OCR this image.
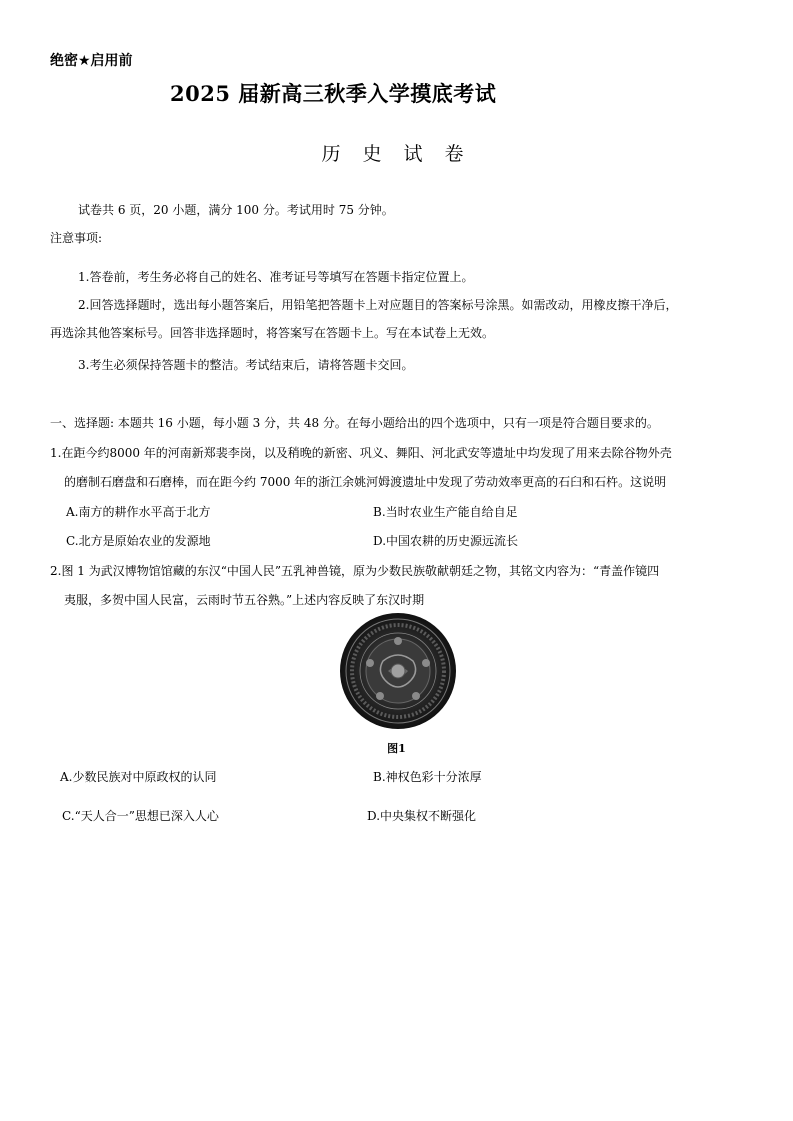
绝密★启用前
2025 届新高三秋季入学摸底考试
历 史 试 卷
试卷共 6 页，20 小题，满分 100 分。考试用时 75 分钟。
注意事项:
1.答卷前，考生务必将自己的姓名、准考证号等填写在答题卡指定位置上。
2.回答选择题时，选出每小题答案后，用铅笔把答题卡上对应题目的答案标号涂黑。如需改动，用橡皮擦干净后，
再选涂其他答案标号。回答非选择题时，将答案写在答题卡上。写在本试卷上无效。
3.考生必须保持答题卡的整洁。考试结束后，请将答题卡交回。
一、选择题: 本题共 16 小题，每小题 3 分，共 48 分。在每小题给出的四个选项中，只有一项是符合题目要求的。
1.在距今约8000 年的河南新郑裴李岗，以及稍晚的新密、巩义、舞阳、河北武安等遗址中均发现了用来去除谷物外壳
的磨制石磨盘和石磨棒，而在距今约 7000 年的浙江余姚河姆渡遗址中发现了劳动效率更高的石臼和石杵。这说明
A.南方的耕作水平高于北方	B.当时农业生产能自给自足
C.北方是原始农业的发源地	D.中国农耕的历史源远流长
2.图 1 为武汉博物馆馆藏的东汉“中国人民”五乳神兽镜，原为少数民族敬献朝廷之物，其铭文内容为：“青盖作镜四
夷服，多贺中国人民富，云雨时节五谷熟。”上述内容反映了东汉时期
图1
A.少数民族对中原政权的认同	B.神权色彩十分浓厚
C.“天人合一”思想已深入人心	D.中央集权不断强化
